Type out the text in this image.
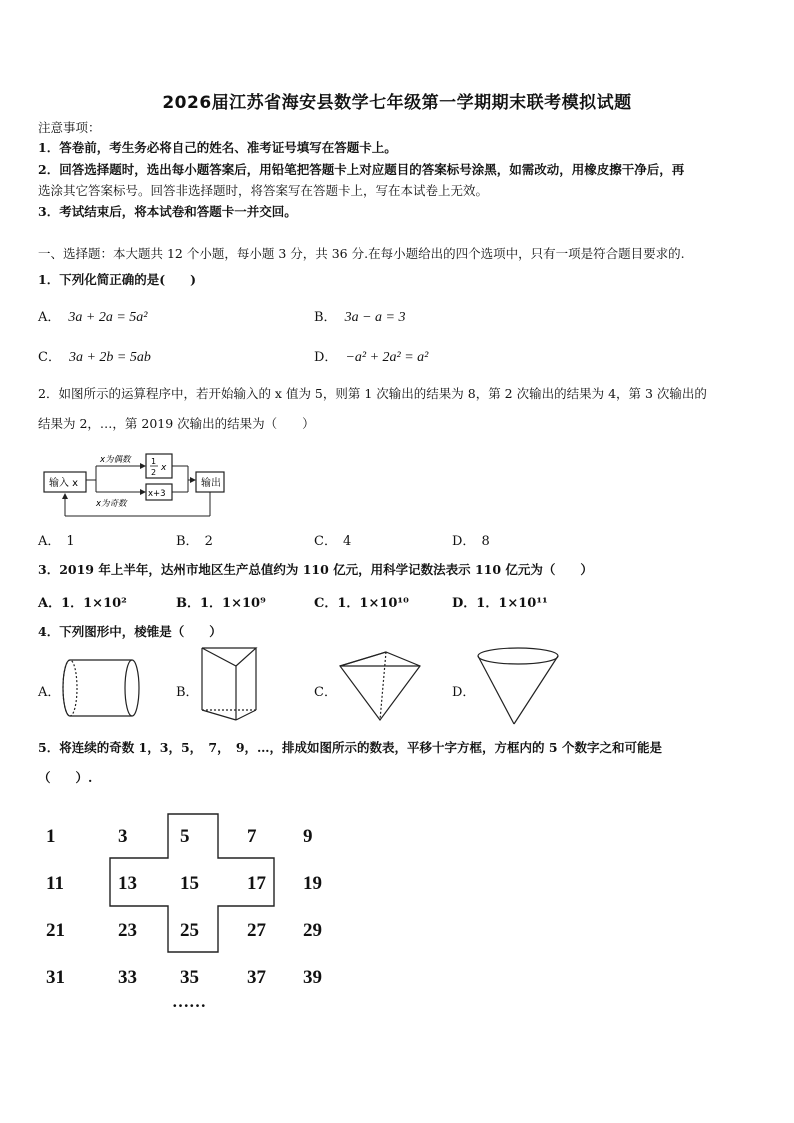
2026届江苏省海安县数学七年级第一学期期末联考模拟试题
注意事项：
1．答卷前，考生务必将自己的姓名、准考证号填写在答题卡上。
2．回答选择题时，选出每小题答案后，用铅笔把答题卡上对应题目的答案标号涂黑，如需改动，用橡皮擦干净后，再
选涂其它答案标号。回答非选择题时，将答案写在答题卡上，写在本试卷上无效。
3．考试结束后，将本试卷和答题卡一并交回。
一、选择题：本大题共 12 个小题，每小题 3 分，共 36 分.在每小题给出的四个选项中，只有一项是符合题目要求的.
1．下列化简正确的是(　　)
A． 3a + 2a = 5a²	B． 3a − a = 3
C． 3a + 2b = 5ab	D． −a² + 2a² = a²
2．如图所示的运算程序中，若开始输入的 x 值为 5，则第 1 次输出的结果为 8，第 2 次输出的结果为 4，第 3 次输出的
结果为 2，…，第 2019 次输出的结果为（　　）
输入 x
x为偶数
x为奇数
1
2 x
x+3
输出
A． 1	B． 2	C． 4	D． 8
3．2019 年上半年，达州市地区生产总值约为 110 亿元，用科学记数法表示 110 亿元为（　　）
A．1．1×10²	B．1．1×10⁹	C．1．1×10¹⁰	D．1．1×10¹¹
4．下列图形中，棱锥是（　　）
A．	B．	C．	D．
5．将连续的奇数 1，3，5，　7，　9，…，排成如图所示的数表，平移十字方框，方框内的 5 个数字之和可能是
（　　）.
1	3	5	7 9
11	13 15	17 19
21	23 25	27 29
31	33 35	37 39
……
